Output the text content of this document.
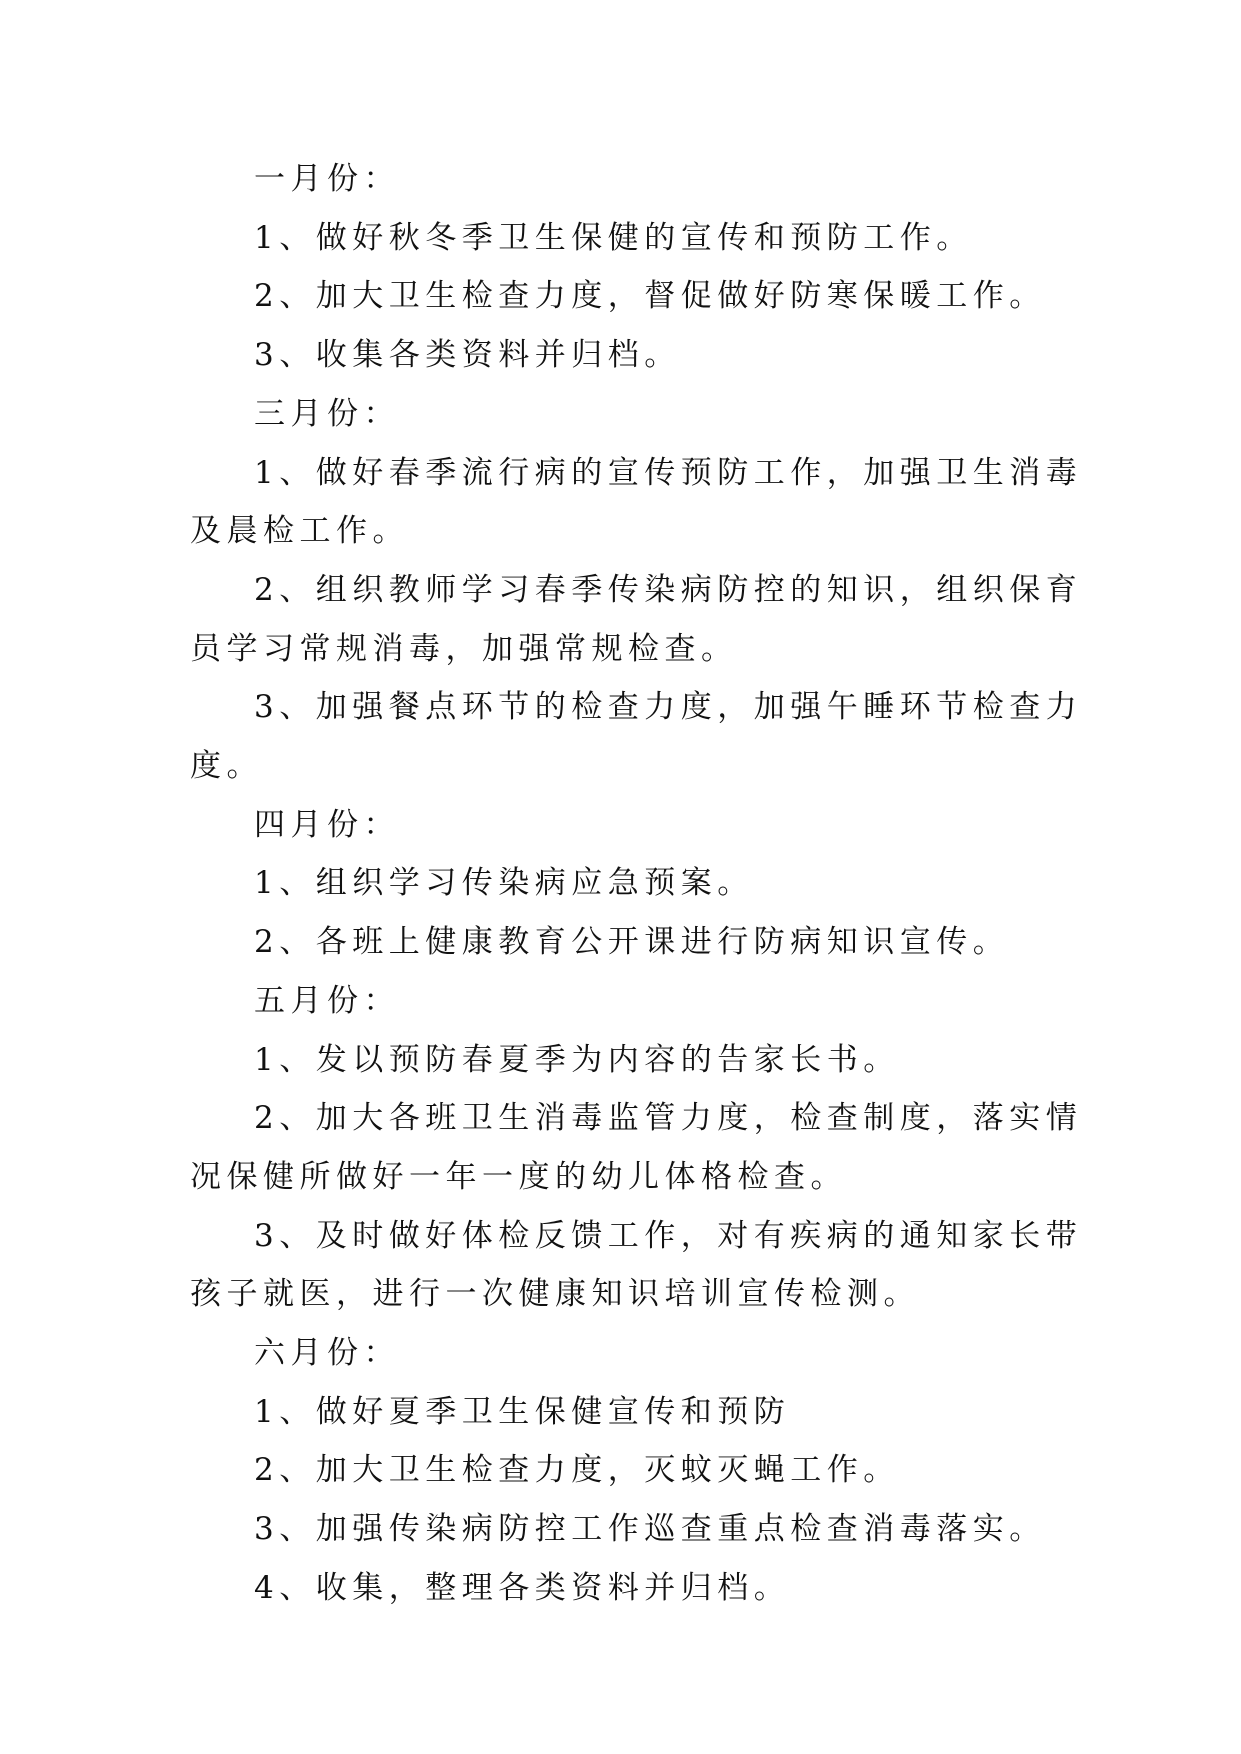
一月份：

1、做好秋冬季卫生保健的宣传和预防工作。

2、加大卫生检查力度，督促做好防寒保暖工作。

3、收集各类资料并归档。

三月份：

1、做好春季流行病的宣传预防工作，加强卫生消毒及晨检工作。

2、组织教师学习春季传染病防控的知识，组织保育员学习常规消毒，加强常规检查。

3、加强餐点环节的检查力度，加强午睡环节检查力度。

四月份：

1、组织学习传染病应急预案。

2、各班上健康教育公开课进行防病知识宣传。

五月份：

1、发以预防春夏季为内容的告家长书。

2、加大各班卫生消毒监管力度，检查制度，落实情况保健所做好一年一度的幼儿体格检查。

3、及时做好体检反馈工作，对有疾病的通知家长带孩子就医，进行一次健康知识培训宣传检测。

六月份：

1、做好夏季卫生保健宣传和预防

2、加大卫生检查力度，灭蚊灭蝇工作。

3、加强传染病防控工作巡查重点检查消毒落实。

4、收集，整理各类资料并归档。
